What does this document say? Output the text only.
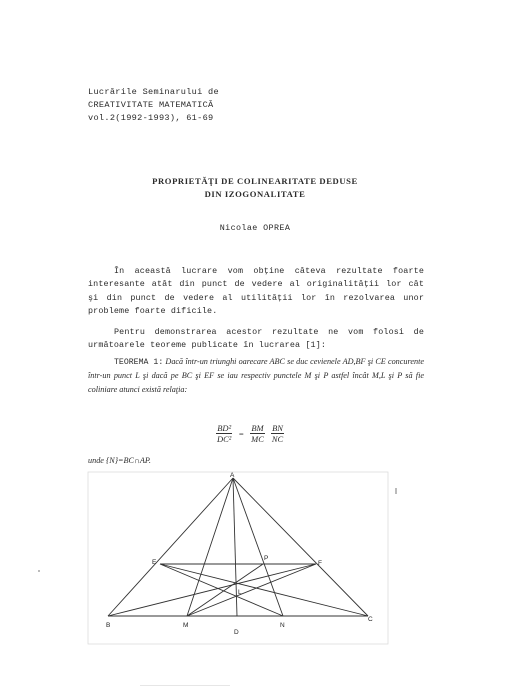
Lucrările Seminarului de
CREATIVITATE MATEMATICĂ
vol.2(1992-1993), 61-69
PROPRIETĂŢI DE COLINEARITATE DEDUSE
DIN IZOGONALITATE
Nicolae OPREA
În această lucrare vom obţine câteva rezultate foarte interesante atât din punct de vedere al originalităţii lor cât şi din punct de vedere al utilităţii lor în rezolvarea unor probleme foarte dificile.
Pentru demonstrarea acestor rezultate ne vom folosi de următoarele teoreme publicate în lucrarea [1]:
TEOREMA 1: Dacă într-un triunghi oarecare ABC se duc cevienele AD,BF şi CE concurente într-un punct L şi dacă pe BC şi EF se iau respectiv punctele M şi P astfel încât M,L şi P să fie coliniare atunci există relaţia:
$\frac{\text{BD²}}{\text{DC²}} = \frac{BM}{MC} \frac{BN}{NC}$
unde {N}=BC∩AP.
A
B
C
D
E	F
L
M	N
P
